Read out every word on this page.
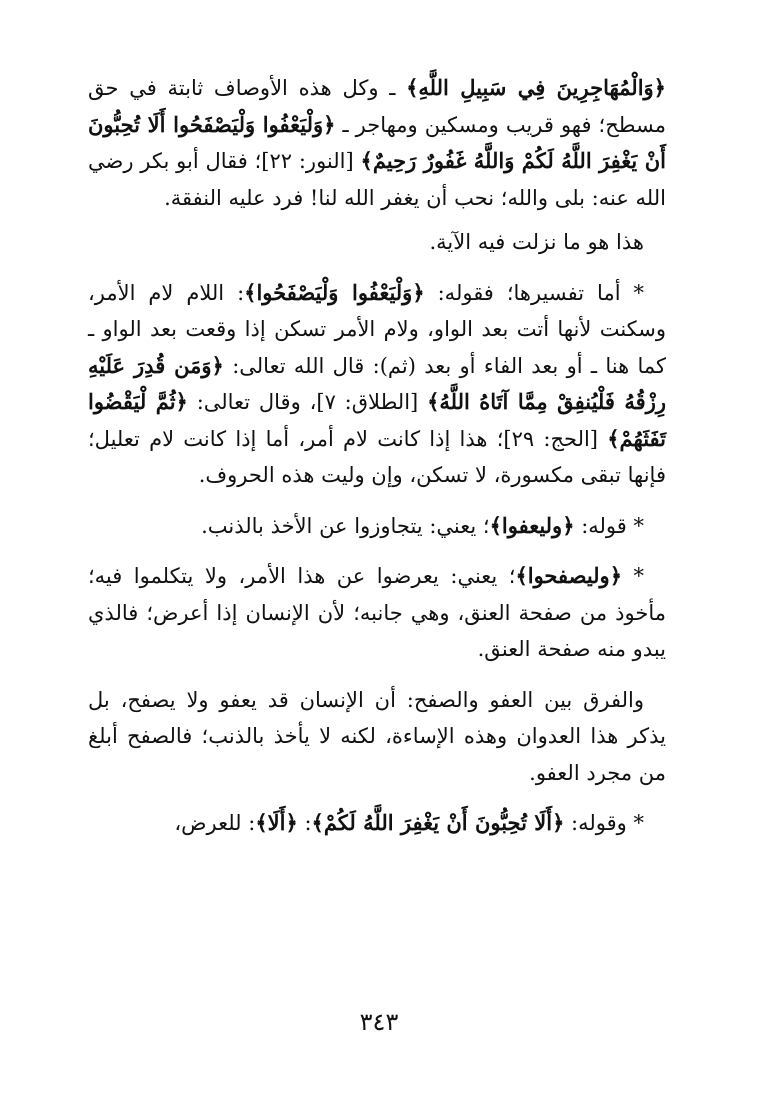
﴿وَالْمُهَاجِرِينَ فِي سَبِيلِ اللَّهِ﴾ ـ وكل هذه الأوصاف ثابتة في حق مسطح؛ فهو قريب ومسكين ومهاجر ـ ﴿وَلْيَعْفُوا وَلْيَصْفَحُوا أَلَا تُحِبُّونَ أَنْ يَغْفِرَ اللَّهُ لَكُمْ وَاللَّهُ غَفُورٌ رَحِيمٌ﴾ [النور: ٢٢]؛ فقال أبو بكر رضي الله عنه: بلى والله؛ نحب أن يغفر الله لنا! فرد عليه النفقة.

هذا هو ما نزلت فيه الآية.

* أما تفسيرها؛ فقوله: ﴿وَلْيَعْفُوا وَلْيَصْفَحُوا﴾: اللام لام الأمر، وسكنت لأنها أتت بعد الواو، ولام الأمر تسكن إذا وقعت بعد الواو ـ كما هنا ـ أو بعد الفاء أو بعد (ثم): قال الله تعالى: ﴿وَمَن قُدِرَ عَلَيْهِ رِزْقُهُ فَلْيُنفِقْ مِمَّا آتَاهُ اللَّهُ﴾ [الطلاق: ٧]، وقال تعالى: ﴿ثُمَّ لْيَقْضُوا تَفَثَهُمْ﴾ [الحج: ٢٩]؛ هذا إذا كانت لام أمر، أما إذا كانت لام تعليل؛ فإنها تبقى مكسورة، لا تسكن، وإن وليت هذه الحروف.

* قوله: ﴿وليعفوا﴾؛ يعني: يتجاوزوا عن الأخذ بالذنب.

* ﴿وليصفحوا﴾؛ يعني: يعرضوا عن هذا الأمر، ولا يتكلموا فيه؛ مأخوذ من صفحة العنق، وهي جانبه؛ لأن الإنسان إذا أعرض؛ فالذي يبدو منه صفحة العنق.

والفرق بين العفو والصفح: أن الإنسان قد يعفو ولا يصفح، بل يذكر هذا العدوان وهذه الإساءة، لكنه لا يأخذ بالذنب؛ فالصفح أبلغ من مجرد العفو.

* وقوله: ﴿أَلَا تُحِبُّونَ أَنْ يَغْفِرَ اللَّهُ لَكُمْ﴾: ﴿أَلَا﴾: للعرض،

٣٤٣
